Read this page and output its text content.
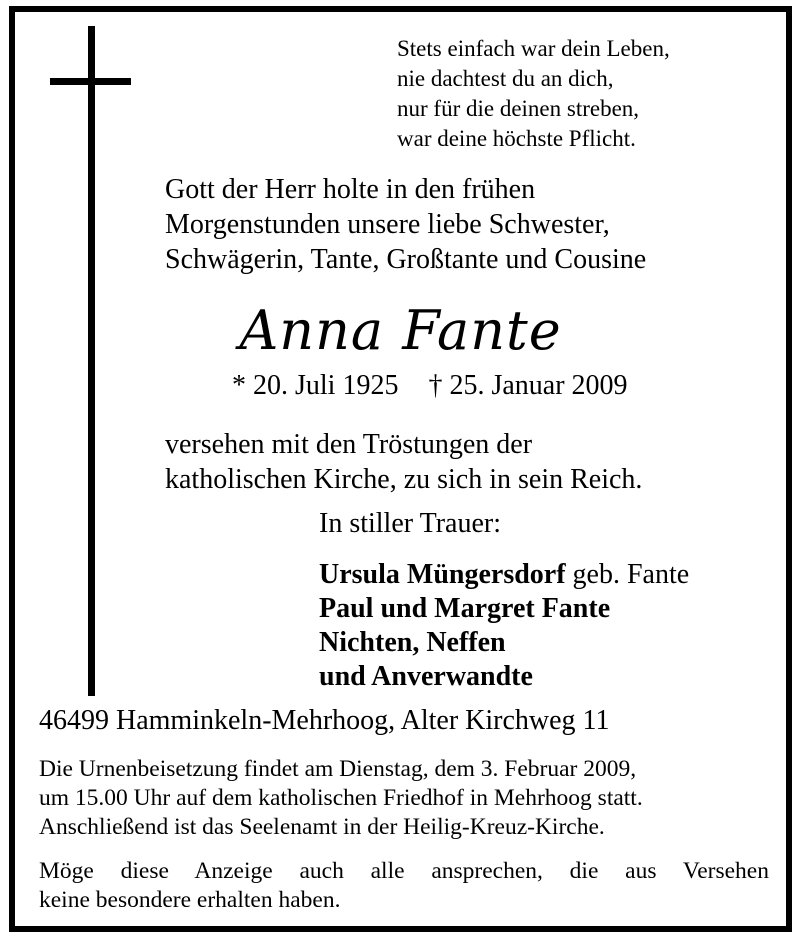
Stets einfach war dein Leben,
nie dachtest du an dich,
nur für die deinen streben,
war deine höchste Pflicht.
Gott der Herr holte in den frühen
Morgenstunden unsere liebe Schwester,
Schwägerin, Tante, Großtante und Cousine
Anna Fante
* 20. Juli 1925 † 25. Januar 2009
versehen mit den Tröstungen der
katholischen Kirche, zu sich in sein Reich.
In stiller Trauer:
Ursula Müngersdorf geb. Fante
Paul und Margret Fante
Nichten, Neffen
und Anverwandte
46499 Hamminkeln-Mehrhoog, Alter Kirchweg 11
Die Urnenbeisetzung findet am Dienstag, dem 3. Februar 2009,
um 15.00 Uhr auf dem katholischen Friedhof in Mehrhoog statt.
Anschließend ist das Seelenamt in der Heilig-Kreuz-Kirche.
Möge diese Anzeige auch alle ansprechen, die aus Versehen
keine besondere erhalten haben.
